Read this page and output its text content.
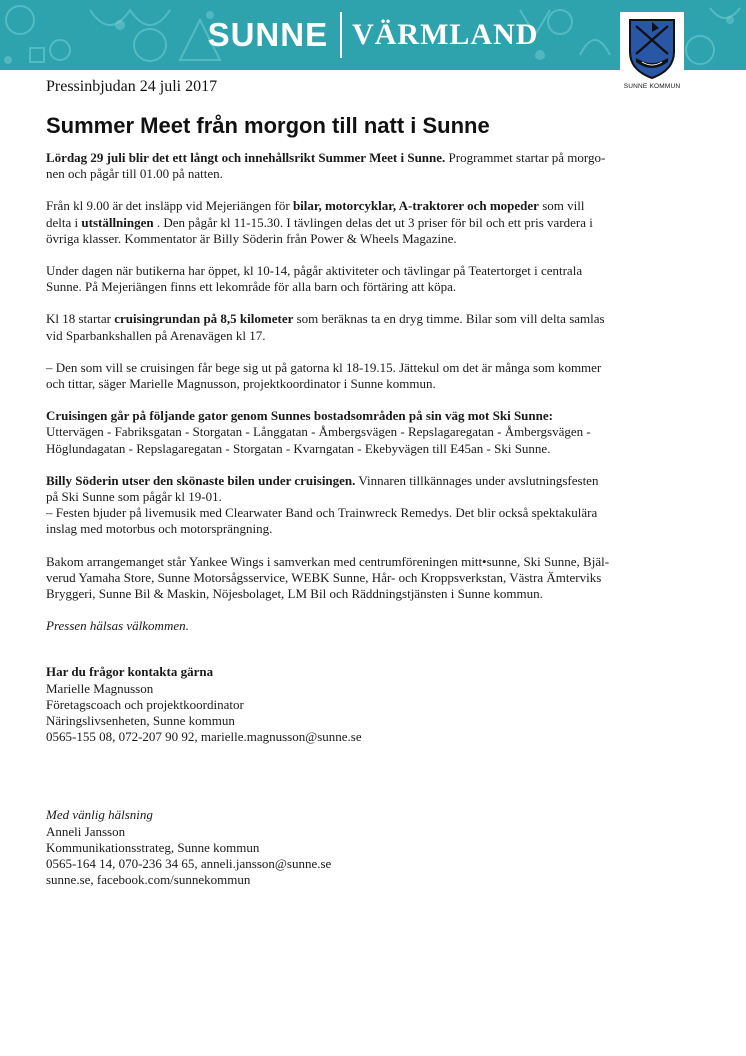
SUNNE VÄRMLAND
SUNNE KOMMUN
Pressinbjudan 24 juli 2017
Summer Meet från morgon till natt i Sunne

Lördag 29 juli blir det ett långt och innehållsrikt Summer Meet i Sunne. Programmet startar på morgo-
nen och pågår till 01.00 på natten.

Från kl 9.00 är det insläpp vid Mejeriängen för bilar, motorcyklar, A-traktorer och mopeder som vill
delta i utställningen . Den pågår kl 11-15.30. I tävlingen delas det ut 3 priser för bil och ett pris vardera i
övriga klasser. Kommentator är Billy Söderin från Power & Wheels Magazine.

Under dagen när butikerna har öppet, kl 10-14, pågår aktiviteter och tävlingar på Teatertorget i centrala
Sunne. På Mejeriängen finns ett lekområde för alla barn och förtäring att köpa.

Kl 18 startar cruisingrundan på 8,5 kilometer som beräknas ta en dryg timme. Bilar som vill delta samlas
vid Sparbankshallen på Arenavägen kl 17.

– Den som vill se cruisingen får bege sig ut på gatorna kl 18-19.15. Jättekul om det är många som kommer
och tittar, säger Marielle Magnusson, projektkoordinator i Sunne kommun.

Cruisingen går på följande gator genom Sunnes bostadsområden på sin väg mot Ski Sunne:
Uttervägen - Fabriksgatan - Storgatan - Långgatan - Åmbergsvägen - Repslagaregatan - Åmbergsvägen -
Höglundagatan - Repslagaregatan - Storgatan - Kvarngatan - Ekebyvägen till E45an - Ski Sunne.

Billy Söderin utser den skönaste bilen under cruisingen. Vinnaren tillkännages under avslutningsfesten
på Ski Sunne som pågår kl 19-01.
– Festen bjuder på livemusik med Clearwater Band och Trainwreck Remedys. Det blir också spektakulära
inslag med motorbus och motorsprängning.

Bakom arrangemanget står Yankee Wings i samverkan med centrumföreningen mitt•sunne, Ski Sunne, Bjäl-
verud Yamaha Store, Sunne Motorsågsservice, WEBK Sunne, Hår- och Kroppsverkstan, Västra Ämterviks
Bryggeri, Sunne Bil & Maskin, Nöjesbolaget, LM Bil och Räddningstjänsten i Sunne kommun.

Pressen hälsas välkommen.

Har du frågor kontakta gärna
Marielle Magnusson
Företagscoach och projektkoordinator
Näringslivsenheten, Sunne kommun
0565-155 08, 072-207 90 92, marielle.magnusson@sunne.se
Med vänlig hälsning
Anneli Jansson
Kommunikationsstrateg, Sunne kommun
0565-164 14, 070-236 34 65, anneli.jansson@sunne.se
sunne.se, facebook.com/sunnekommun
